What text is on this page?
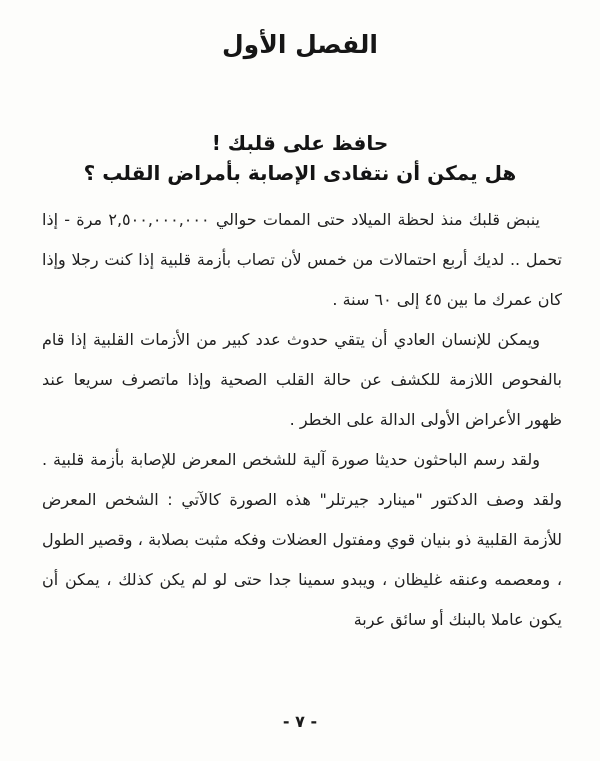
الفصل الأول
حافظ على قلبك !
هل يمكن أن نتفادى الإصابة بأمراض القلب ؟

ينبض قلبك منذ لحظة الميلاد حتى الممات حوالي ٢,٥٠٠,٠٠٠,٠٠٠ مرة - إذا تحمل .. لديك أربع احتمالات من خمس لأن تصاب بأزمة قلبية إذا كنت رجلا وإذا كان عمرك ما بين ٤٥ إلى ٦٠ سنة .

ويمكن للإنسان العادي أن يتقي حدوث عدد كبير من الأزمات القلبية إذا قام بالفحوص اللازمة للكشف عن حالة القلب الصحية وإذا ماتصرف سريعا عند ظهور الأعراض الأولى الدالة على الخطر .

ولقد رسم الباحثون حديثا صورة آلية للشخص المعرض للإصابة بأزمة قلبية . ولقد وصف الدكتور "مينارد جيرتلر" هذه الصورة كالآتي : الشخص المعرض للأزمة القلبية ذو بنيان قوي ومفتول العضلات وفكه مثبت بصلابة ، وقصير الطول ، ومعصمه وعنقه غليظان ، ويبدو سمينا جدا حتى لو لم يكن كذلك ، يمكن أن يكون عاملا بالبنك أو سائق عربة

- ٧ -
